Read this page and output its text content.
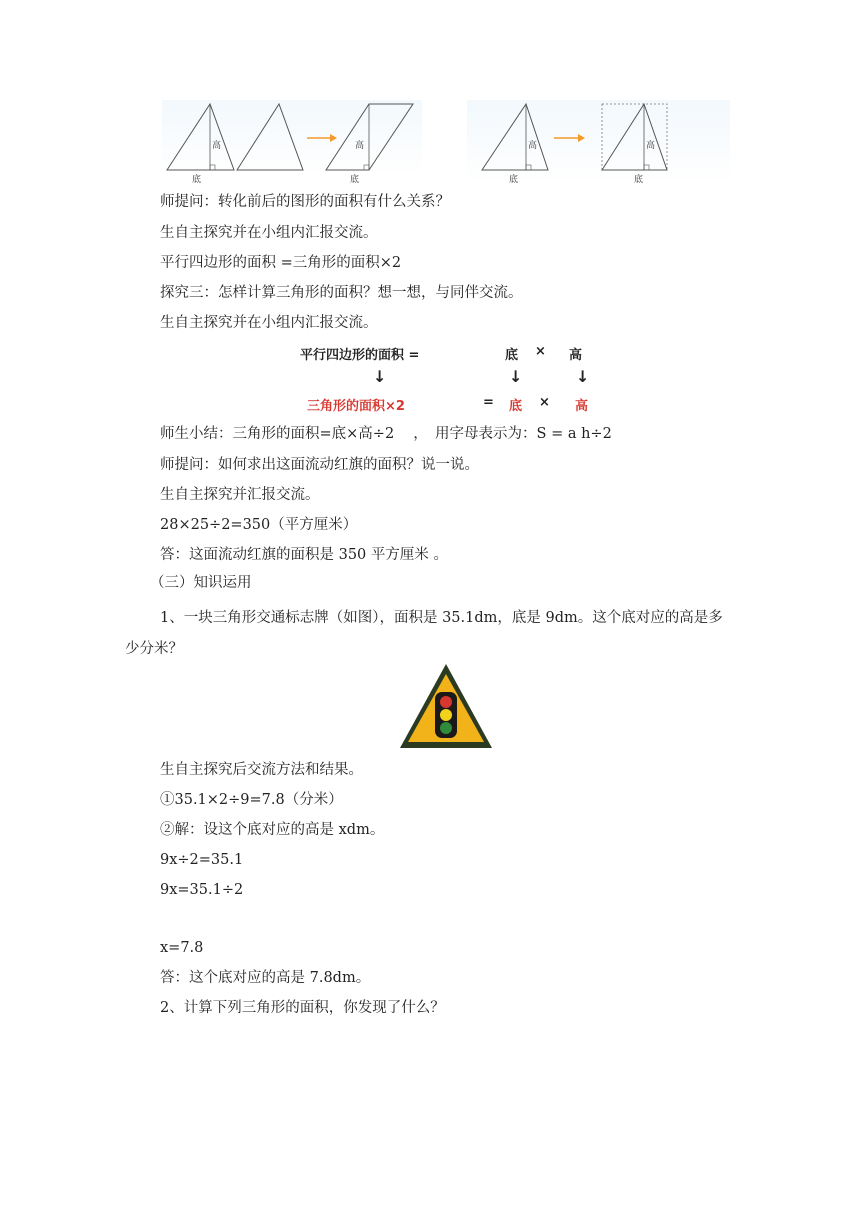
高
底
高
底
高
底
高
底
师提问：转化前后的图形的面积有什么关系？
生自主探究并在小组内汇报交流。
平行四边形的面积 =三角形的面积×2
探究三：怎样计算三角形的面积？想一想，与同伴交流。
生自主探究并在小组内汇报交流。
平行四边形的面积 =	底 × 高
↓	↓	↓
三角形的面积×2	= 底 × 高
师生小结：三角形的面积=底×高÷2　 ，　用字母表示为：S = a h÷2
师提问：如何求出这面流动红旗的面积？说一说。
生自主探究并汇报交流。
28×25÷2=350（平方厘米）
答：这面流动红旗的面积是 350 平方厘米 。
（三）知识运用
1、一块三角形交通标志牌（如图），面积是 35.1dm，底是 9dm。这个底对应的高是多少分米？
生自主探究后交流方法和结果。
①35.1×2÷9=7.8（分米）
②解：设这个底对应的高是 xdm。
9x÷2=35.1
9x=35.1÷2
x=7.8
答：这个底对应的高是 7.8dm。
2、计算下列三角形的面积，你发现了什么？
